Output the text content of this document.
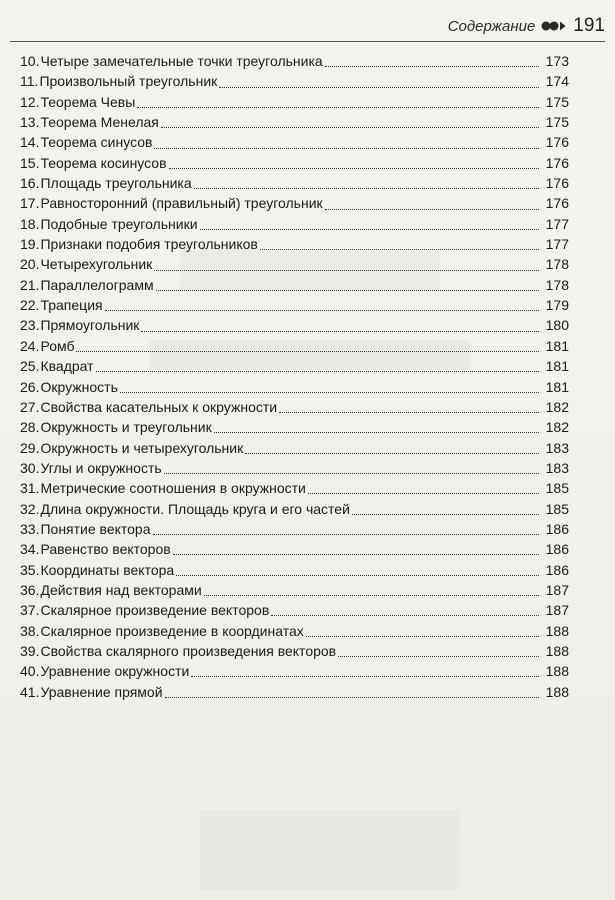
Содержание 191
10. Четыре замечательные точки треугольника	173
11. Произвольный треугольник	174
12. Теорема Чевы	175
13. Теорема Менелая	175
14. Теорема синусов	176
15. Теорема косинусов	176
16. Площадь треугольника	176
17. Равносторонний (правильный) треугольник	176
18. Подобные треугольники	177
19. Признаки подобия треугольников	177
20. Четырехугольник	178
21. Параллелограмм	178
22. Трапеция	179
23. Прямоугольник	180
24. Ромб	181
25. Квадрат	181
26. Окружность	181
27. Свойства касательных к окружности	182
28. Окружность и треугольник	182
29. Окружность и четырехугольник	183
30. Углы и окружность	183
31. Метрические соотношения в окружности	185
32. Длина окружности. Площадь круга и его частей	185
33. Понятие вектора	186
34. Равенство векторов	186
35. Координаты вектора	186
36. Действия над векторами	187
37. Скалярное произведение векторов	187
38. Скалярное произведение в координатах	188
39. Свойства скалярного произведения векторов	188
40. Уравнение окружности	188
41. Уравнение прямой	188
